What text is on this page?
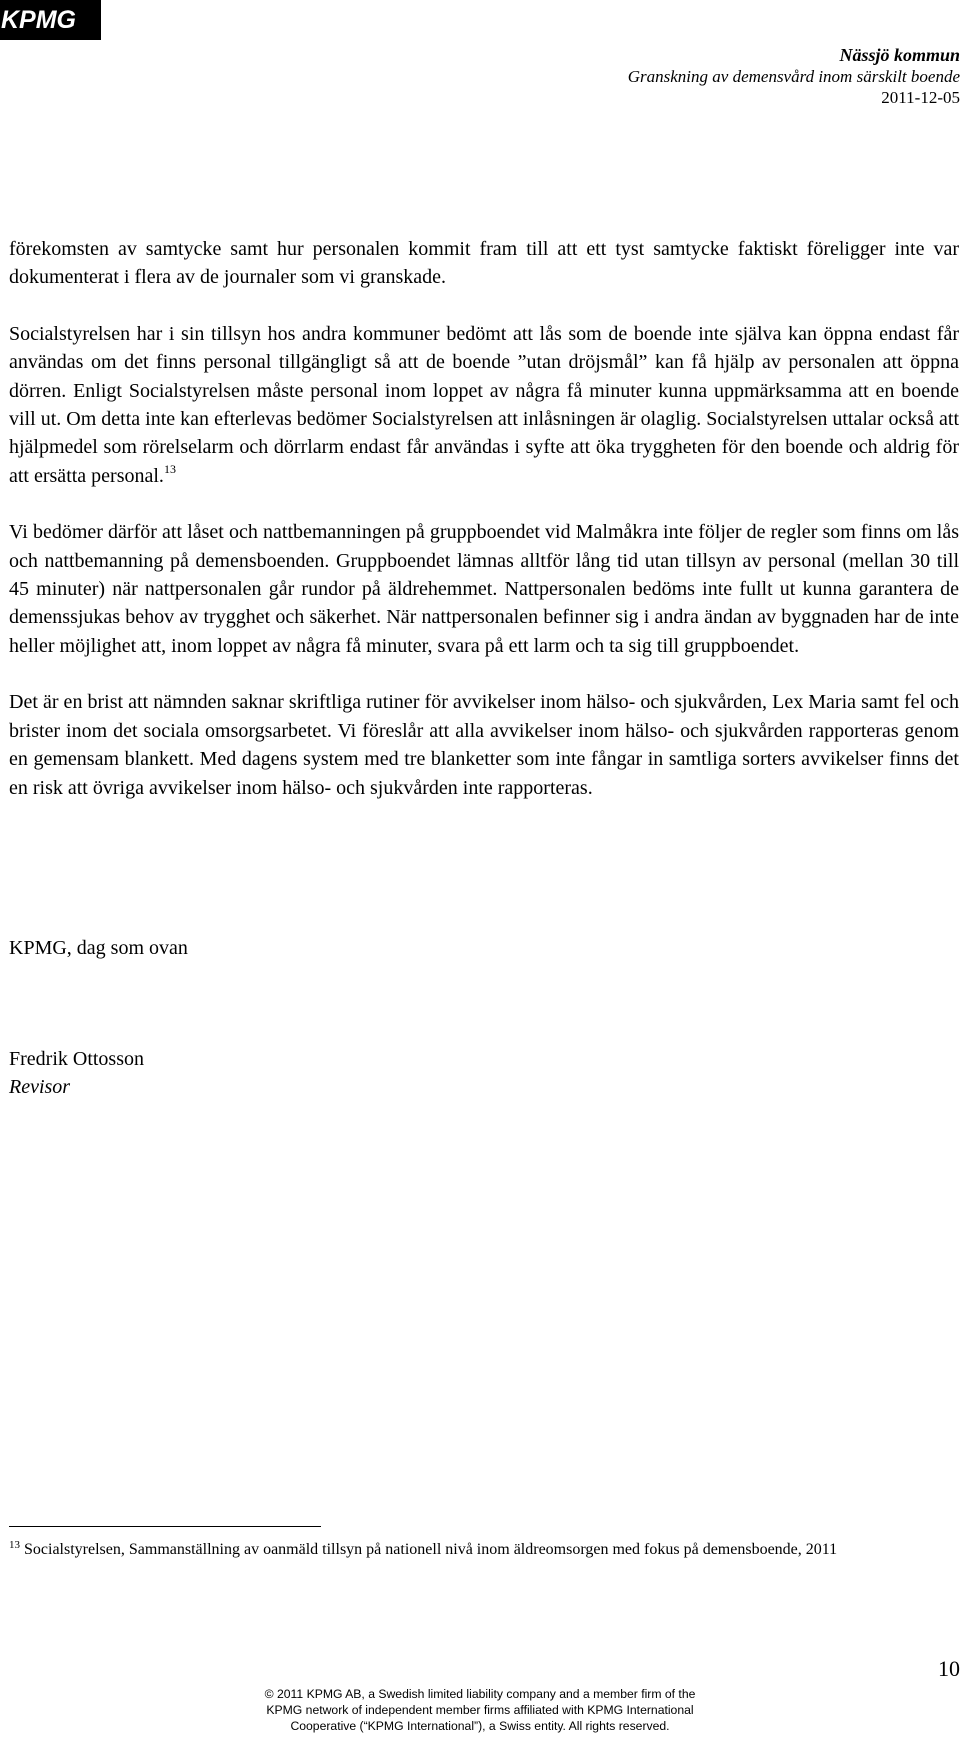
KPMG
Nässjö kommun
Granskning av demensvård inom särskilt boende
2011-12-05

förekomsten av samtycke samt hur personalen kommit fram till att ett tyst samtycke faktiskt föreligger inte var dokumenterat i flera av de journaler som vi granskade.

Socialstyrelsen har i sin tillsyn hos andra kommuner bedömt att lås som de boende inte själva kan öppna endast får användas om det finns personal tillgängligt så att de boende ”utan dröjsmål” kan få hjälp av personalen att öppna dörren. Enligt Socialstyrelsen måste personal inom loppet av några få minuter kunna uppmärksamma att en boende vill ut. Om detta inte kan efterlevas bedömer Socialstyrelsen att inlåsningen är olaglig. Socialstyrelsen uttalar också att hjälpmedel som rörelselarm och dörrlarm endast får användas i syfte att öka tryggheten för den boende och aldrig för att ersätta personal.$^{13}$

Vi bedömer därför att låset och nattbemanningen på gruppboendet vid Malmåkra inte följer de regler som finns om lås och nattbemanning på demensboenden. Gruppboendet lämnas alltför lång tid utan tillsyn av personal (mellan 30 till 45 minuter) när nattpersonalen går rundor på äldrehemmet. Nattpersonalen bedöms inte fullt ut kunna garantera de demenssjukas behov av trygghet och säkerhet. När nattpersonalen befinner sig i andra ändan av byggnaden har de inte heller möjlighet att, inom loppet av några få minuter, svara på ett larm och ta sig till gruppboendet.

Det är en brist att nämnden saknar skriftliga rutiner för avvikelser inom hälso- och sjukvården, Lex Maria samt fel och brister inom det sociala omsorgsarbetet. Vi föreslår att alla avvikelser inom hälso- och sjukvården rapporteras genom en gemensam blankett. Med dagens system med tre blanketter som inte fångar in samtliga sorters avvikelser finns det en risk att övriga avvikelser inom hälso- och sjukvården inte rapporteras.

KPMG, dag som ovan
Fredrik Ottosson
Revisor
$^{13}$ Socialstyrelsen, Sammanställning av oanmäld tillsyn på nationell nivå inom äldreomsorgen med fokus på demensboende, 2011
10
© 2011 KPMG AB, a Swedish limited liability company and a member firm of the
KPMG network of independent member firms affiliated with KPMG International
Cooperative (“KPMG International”), a Swiss entity. All rights reserved.
